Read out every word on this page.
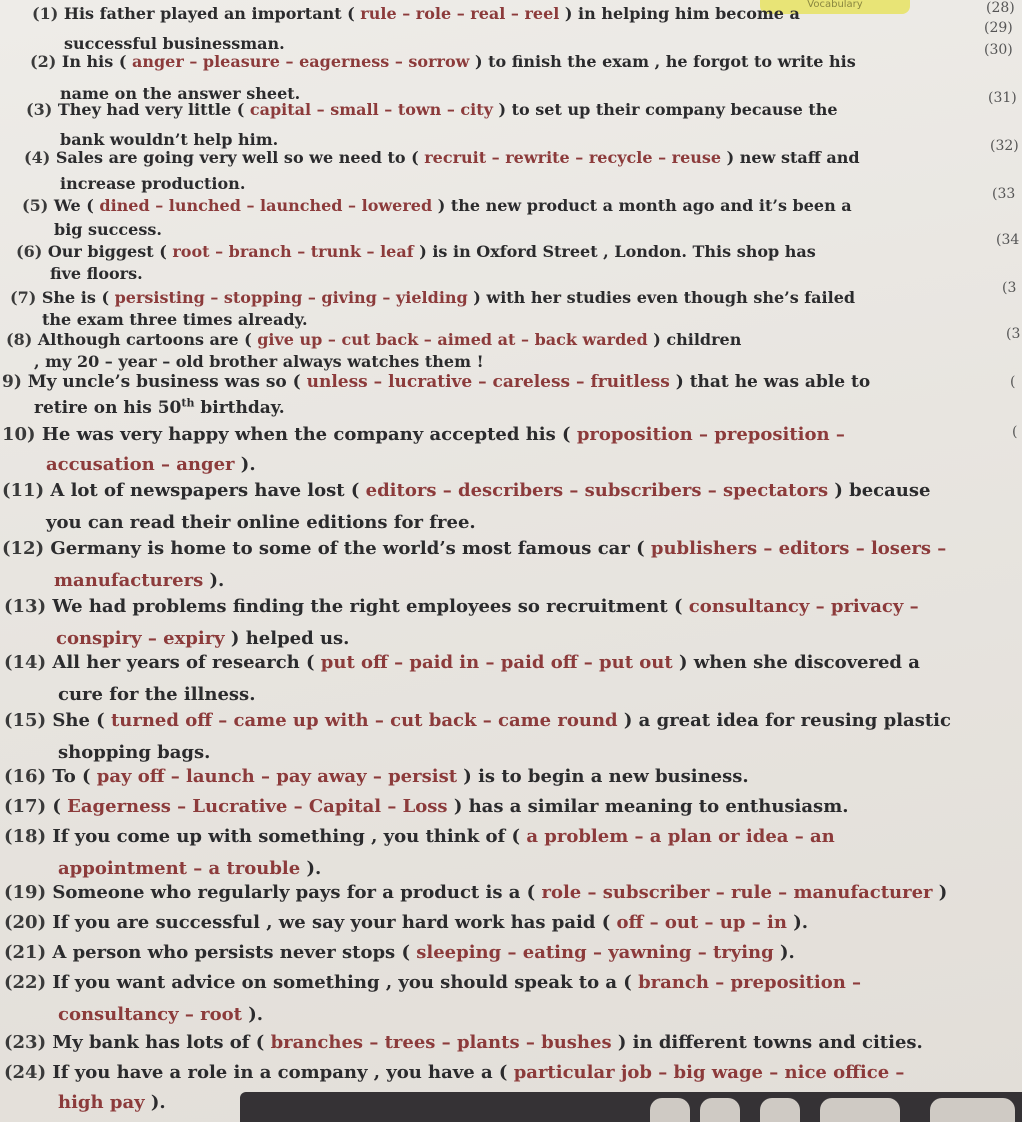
Vocabulary	(28)
(29)
(30)
(31)
(32)
(33
(34
(3
(3
(
(
(1) His father played an important ( rule – role – real – reel ) in helping him become a
successful businessman.
(2) In his ( anger – pleasure – eagerness – sorrow ) to finish the exam , he forgot to write his
name on the answer sheet.
(3) They had very little ( capital – small – town – city ) to set up their company because the
bank wouldn’t help him.
(4) Sales are going very well so we need to ( recruit – rewrite – recycle – reuse ) new staff and
increase production.
(5) We ( dined – lunched – launched – lowered ) the new product a month ago and it’s been a
big success.
(6) Our biggest ( root – branch – trunk – leaf ) is in Oxford Street , London. This shop has
five floors.
(7) She is ( persisting – stopping – giving – yielding ) with her studies even though she’s failed
the exam three times already.
(8) Although cartoons are ( give up – cut back – aimed at – back warded ) children
, my 20 – year – old brother always watches them !
9) My uncle’s business was so ( unless – lucrative – careless – fruitless ) that he was able to
retire on his 50th birthday.
10) He was very happy when the company accepted his ( proposition – preposition –
accusation – anger ).
(11) A lot of newspapers have lost ( editors – describers – subscribers – spectators ) because
you can read their online editions for free.
(12) Germany is home to some of the world’s most famous car ( publishers – editors – losers –
manufacturers ).
(13) We had problems finding the right employees so recruitment ( consultancy – privacy –
conspiry – expiry ) helped us.
(14) All her years of research ( put off – paid in – paid off – put out ) when she discovered a
cure for the illness.
(15) She ( turned off – came up with – cut back – came round ) a great idea for reusing plastic
shopping bags.
(16) To ( pay off – launch – pay away – persist ) is to begin a new business.
(17) ( Eagerness – Lucrative – Capital – Loss ) has a similar meaning to enthusiasm.
(18) If you come up with something , you think of ( a problem – a plan or idea – an
appointment – a trouble ).
(19) Someone who regularly pays for a product is a ( role – subscriber – rule – manufacturer )
(20) If you are successful , we say your hard work has paid ( off – out – up – in ).
(21) A person who persists never stops ( sleeping – eating – yawning – trying ).
(22) If you want advice on something , you should speak to a ( branch – preposition –
consultancy – root ).
(23) My bank has lots of ( branches – trees – plants – bushes ) in different towns and cities.
(24) If you have a role in a company , you have a ( particular job – big wage – nice office –
high pay ).
